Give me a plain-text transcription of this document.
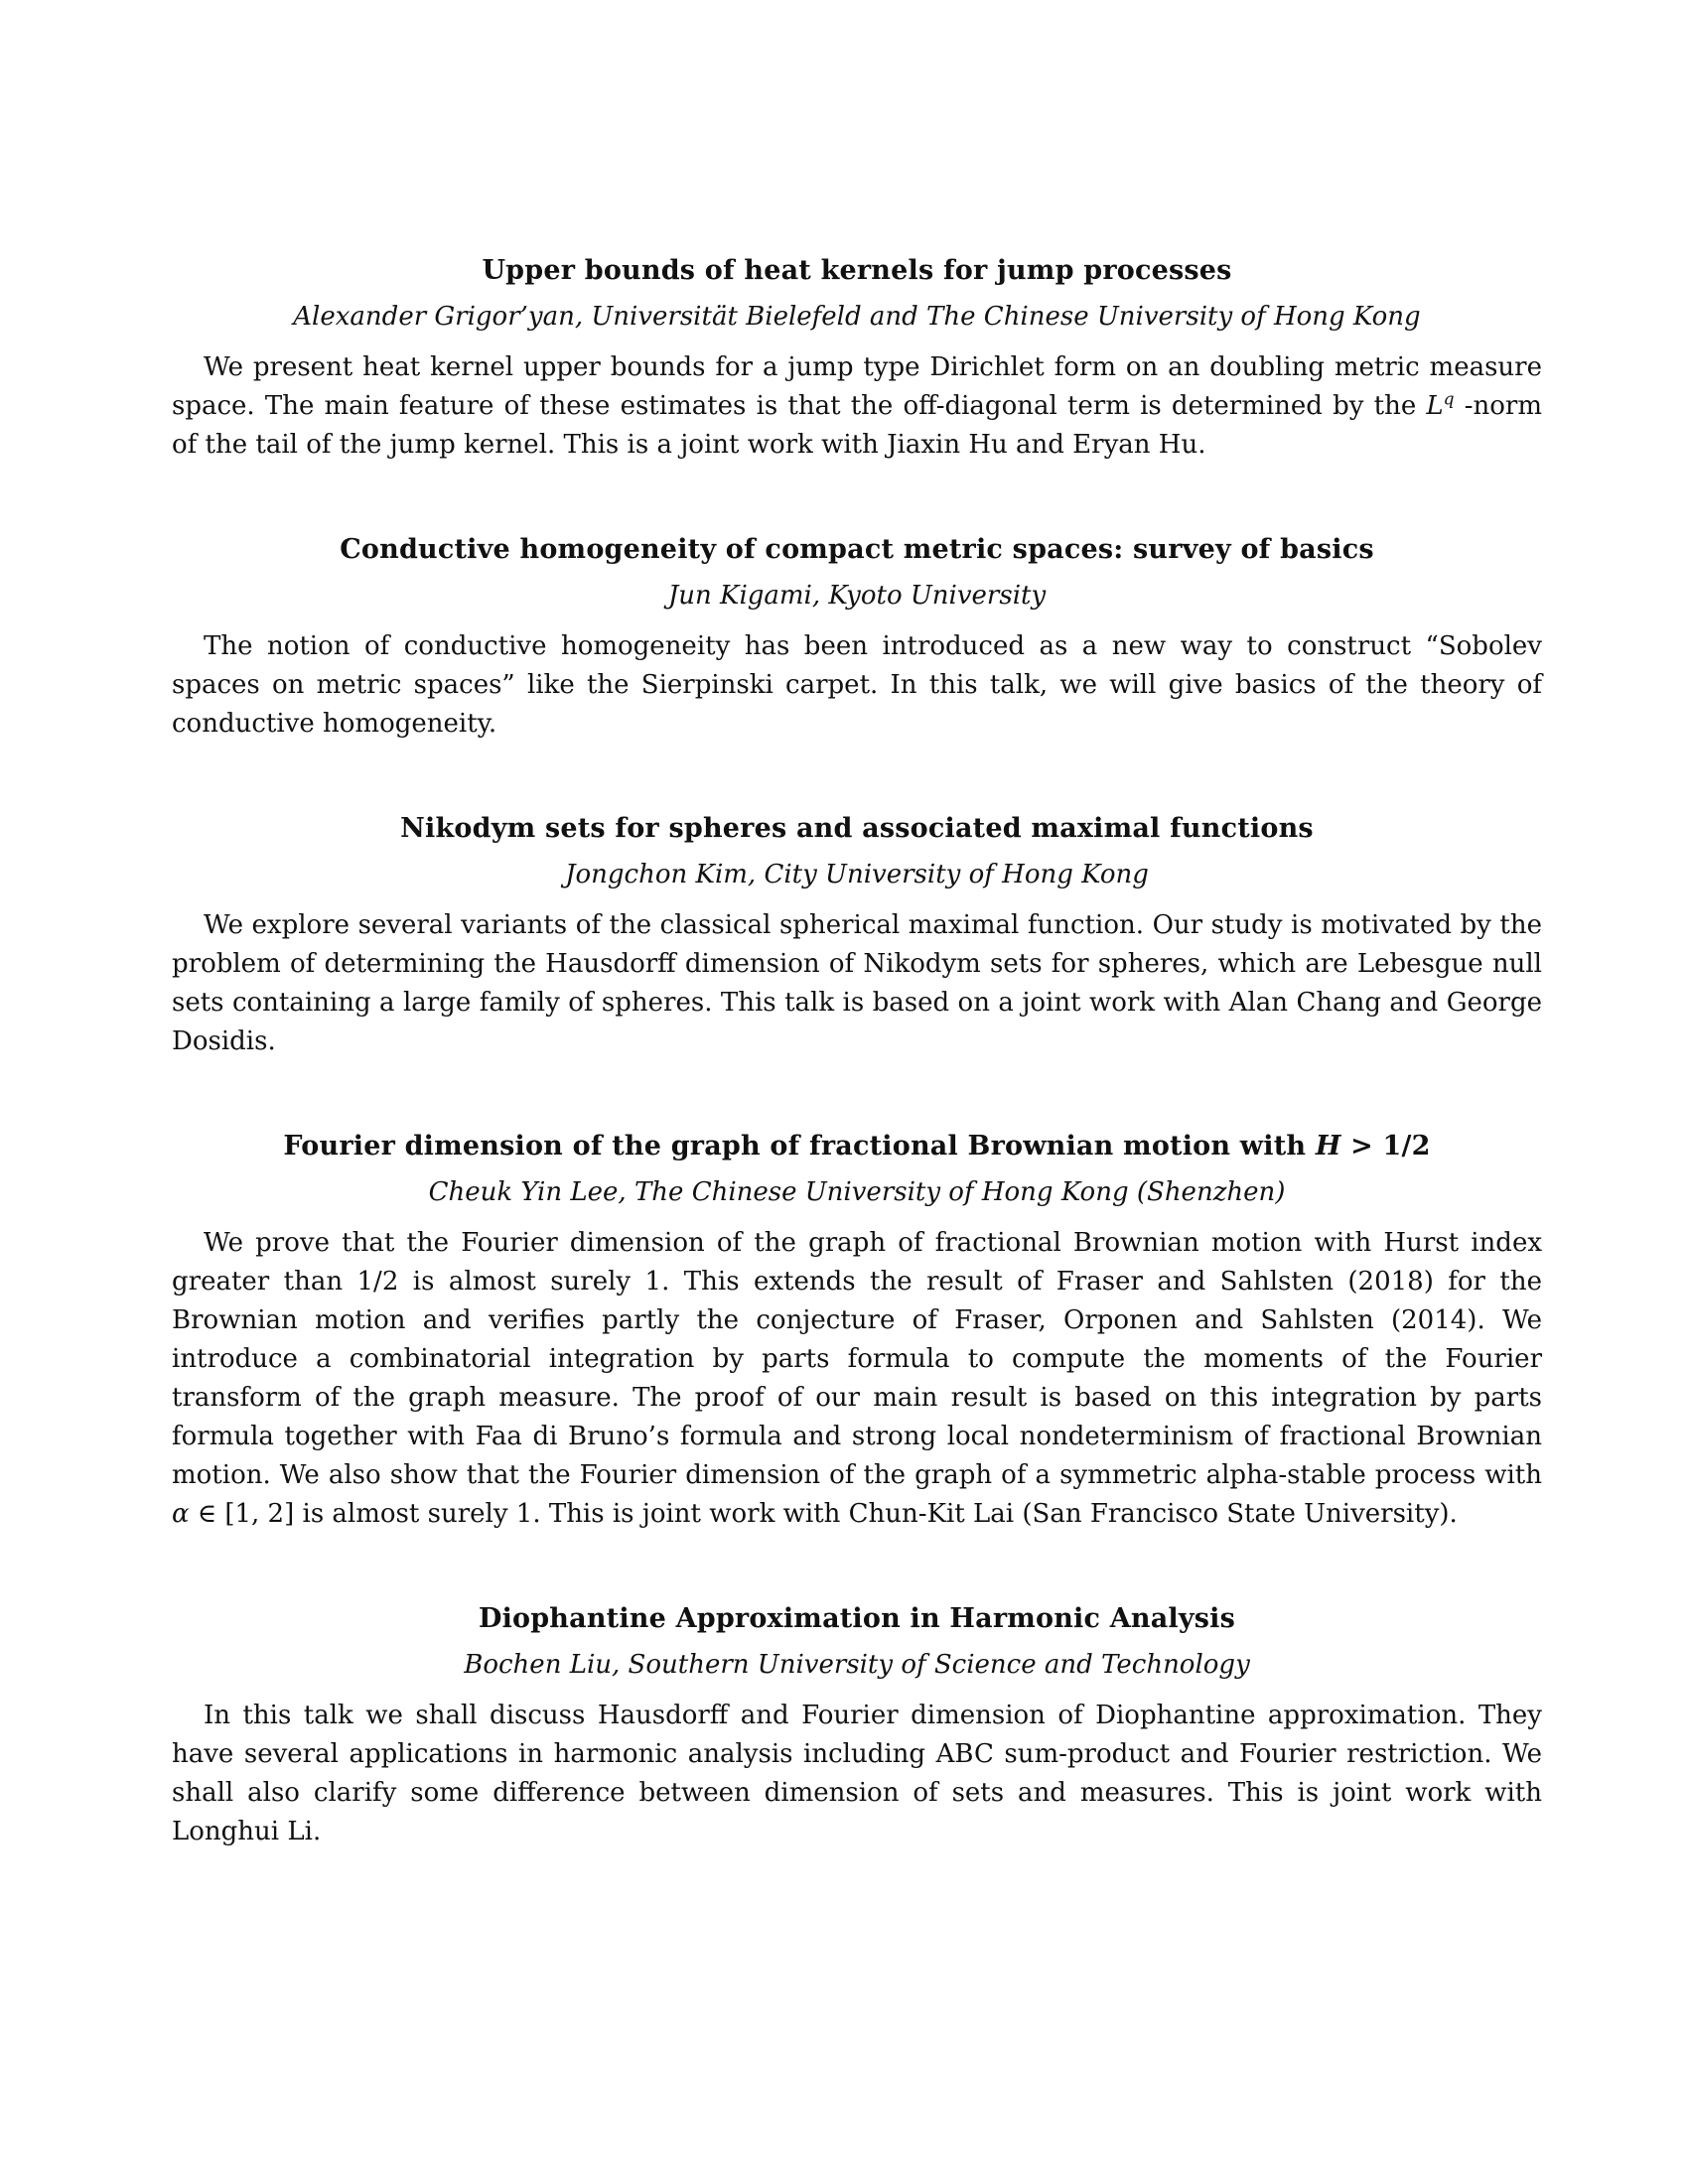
Upper bounds of heat kernels for jump processes

Alexander Grigor’yan, Universität Bielefeld and The Chinese University of Hong Kong

We present heat kernel upper bounds for a jump type Dirichlet form on an doubling metric measure space. The main feature of these estimates is that the off-diagonal term is determined by the $L^q$ -norm of the tail of the jump kernel. This is a joint work with Jiaxin Hu and Eryan Hu.

Conductive homogeneity of compact metric spaces: survey of basics

Jun Kigami, Kyoto University

The notion of conductive homogeneity has been introduced as a new way to construct “Sobolev spaces on metric spaces” like the Sierpinski carpet. In this talk, we will give basics of the theory of conductive homogeneity.

Nikodym sets for spheres and associated maximal functions

Jongchon Kim, City University of Hong Kong

We explore several variants of the classical spherical maximal function. Our study is motivated by the problem of determining the Hausdorff dimension of Nikodym sets for spheres, which are Lebesgue null sets containing a large family of spheres. This talk is based on a joint work with Alan Chang and George Dosidis.

Fourier dimension of the graph of fractional Brownian motion with H > 1/2

Cheuk Yin Lee, The Chinese University of Hong Kong (Shenzhen)

We prove that the Fourier dimension of the graph of fractional Brownian motion with Hurst index greater than 1/2 is almost surely 1. This extends the result of Fraser and Sahlsten (2018) for the Brownian motion and verifies partly the conjecture of Fraser, Orponen and Sahlsten (2014). We introduce a combinatorial integration by parts formula to compute the moments of the Fourier transform of the graph measure. The proof of our main result is based on this integration by parts formula together with Faa di Bruno’s formula and strong local nondeterminism of fractional Brownian motion. We also show that the Fourier dimension of the graph of a symmetric alpha-stable process with α ∈ [1, 2] is almost surely 1. This is joint work with Chun-Kit Lai (San Francisco State University).

Diophantine Approximation in Harmonic Analysis

Bochen Liu, Southern University of Science and Technology

In this talk we shall discuss Hausdorff and Fourier dimension of Diophantine approximation. They have several applications in harmonic analysis including ABC sum-product and Fourier restriction. We shall also clarify some difference between dimension of sets and measures. This is joint work with Longhui Li.
